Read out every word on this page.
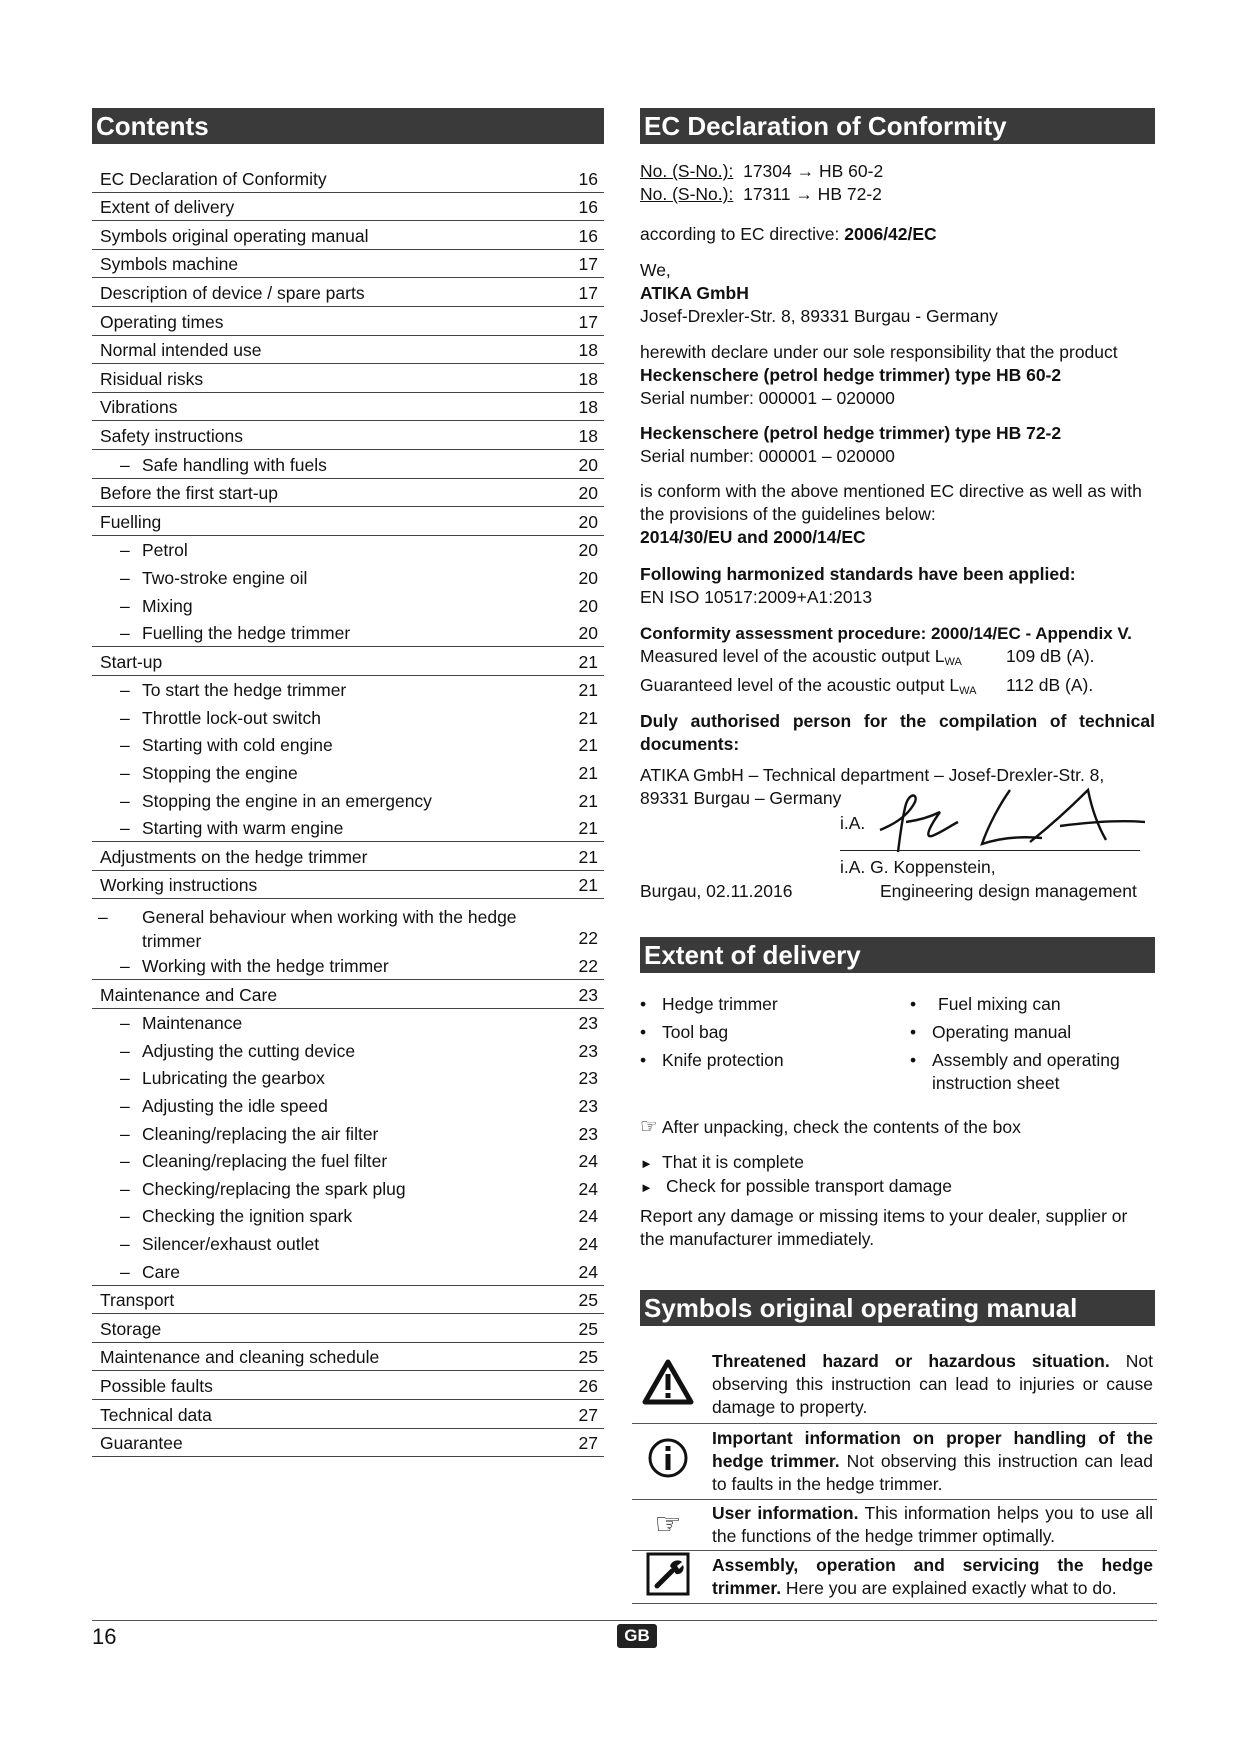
Contents
EC Declaration of Conformity	16
Extent of delivery	16
Symbols original operating manual	16
Symbols machine	17
Description of device / spare parts	17
Operating times	17
Normal intended use	18
Risidual risks	18
Vibrations	18
Safety instructions	18
– Safe handling with fuels	20
Before the first start-up	20
Fuelling	20
– Petrol	20
– Two-stroke engine oil	20
– Mixing	20
– Fuelling the hedge trimmer	20
Start-up	21
– To start the hedge trimmer	21
– Throttle lock-out switch	21
– Starting with cold engine	21
– Stopping the engine	21
– Stopping the engine in an emergency	21
– Starting with warm engine	21
Adjustments on the hedge trimmer	21
Working instructions	21
– General behaviour when working with the hedge trimmer	22
– Working with the hedge trimmer	22
Maintenance and Care	23
– Maintenance	23
– Adjusting the cutting device	23
– Lubricating the gearbox	23
– Adjusting the idle speed	23
– Cleaning/replacing the air filter	23
– Cleaning/replacing the fuel filter	24
– Checking/replacing the spark plug	24
– Checking the ignition spark	24
– Silencer/exhaust outlet	24
– Care	24
Transport	25
Storage	25
Maintenance and cleaning schedule	25
Possible faults	26
Technical data	27
Guarantee	27
EC Declaration of Conformity

No. (S-No.): 17304 → HB 60-2

No. (S-No.): 17311 → HB 72-2

according to EC directive: 2006/42/EC

We,

ATIKA GmbH

Josef-Drexler-Str. 8, 89331 Burgau - Germany

herewith declare under our sole responsibility that the product

Heckenschere (petrol hedge trimmer) type HB 60-2

Serial number: 000001 – 020000

Heckenschere (petrol hedge trimmer) type HB 72-2

Serial number: 000001 – 020000

is conform with the above mentioned EC directive as well as with the provisions of the guidelines below:

2014/30/EU and 2000/14/EC

Following harmonized standards have been applied:

EN ISO 10517:2009+A1:2013

Conformity assessment procedure: 2000/14/EC - Appendix V.

Measured level of the acoustic output LWA	109 dB (A).

Guaranteed level of the acoustic output LWA 112 dB (A).

Duly authorised person for the compilation of technical documents:

ATIKA GmbH – Technical department – Josef-Drexler-Str. 8,

89331 Burgau – Germany

i.A.
i.A. G. Koppenstein,
Burgau, 02.11.2016	Engineering design management
Extent of delivery

• Hedge trimmer

• Tool bag

• Knife protection

• Fuel mixing can

• Operating manual

• Assembly and operating instruction sheet

☞ After unpacking, check the contents of the box

► That it is complete

► Check for possible transport damage

Report any damage or missing items to your dealer, supplier or the manufacturer immediately.
Symbols original operating manual
	Threatened hazard or hazardous situation. Not observing this instruction can lead to injuries or cause damage to property.
	Important information on proper handling of the hedge trimmer. Not observing this instruction can lead to faults in the hedge trimmer.
☞	User information. This information helps you to use all the functions of the hedge trimmer optimally.
	Assembly, operation and servicing the hedge trimmer. Here you are explained exactly what to do.
16	GB
